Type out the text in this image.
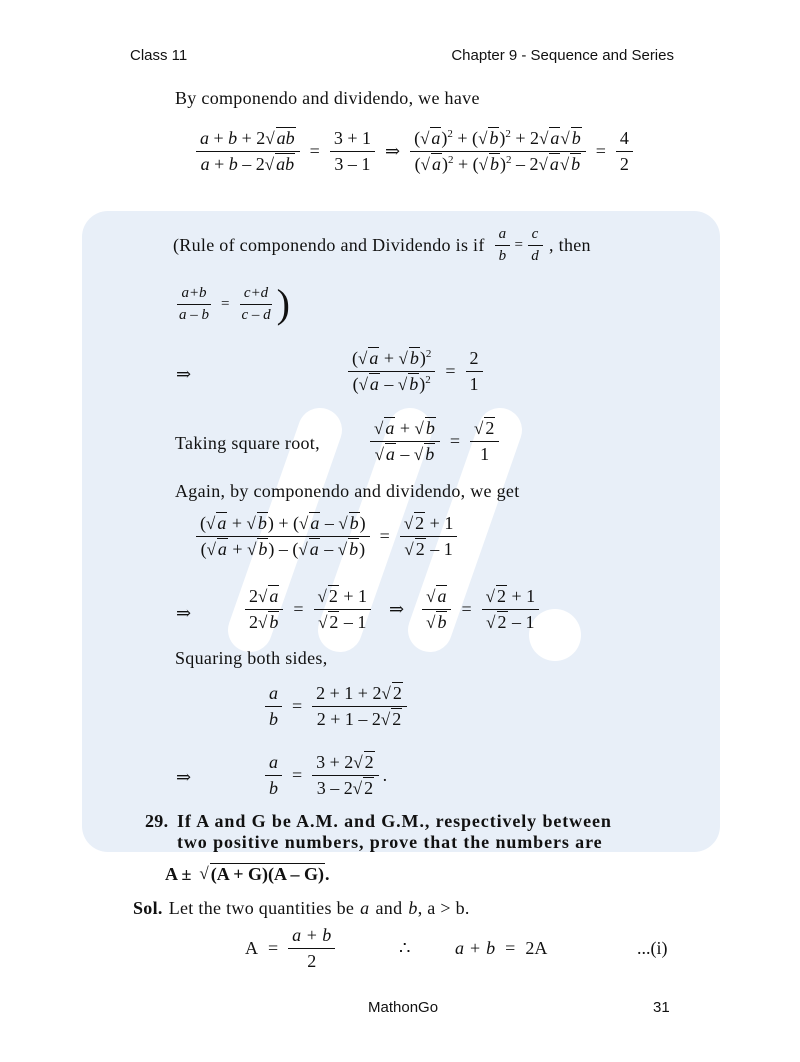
Class 11	Chapter 9 - Sequence and Series
By componendo and dividendo, we have
$\frac{a + b + 2√ ab}{a + b - 2√ ab} = \frac{3 + 1}{3 - 1}$ ⇒ $\frac{(√ a)^2 + (√ b)^2 + 2√ a√ b}{(√ a)^2 + (√ b)^2 - 2√ a√ b} = \frac{4}{2}$
(Rule of componendo and Dividendo is if $\frac{a}{b} = \frac{c}{d}$ , then
$\frac{a+b}{a - b} = \frac{c+d}{c - d}$ )
⇒	$\frac{(√ a + √ b)^2}{(√ a - √ b)^2} = \frac{2}{1}$
Taking square root,	$\frac{√ a + √ b}{√ a - √ b} = \frac{√ 2}{1}$
Again, by componendo and dividendo, we get
$\frac{(√ a + √ b) + (√ a - √ b)}{(√ a + √ b) - (√ a - √ b)} = \frac{√ 2 + 1}{√ 2 - 1}$
⇒	$\frac{2√ a}{2√ b} = \frac{√ 2 + 1}{√ 2 - 1}$ ⇒ $\frac{√ a}{√ b} = \frac{√ 2 + 1}{√ 2 - 1}$
Squaring both sides,
$\frac{a}{b} = \frac{2 + 1 + 2√ 2}{2 + 1 - 2√ 2}$
⇒	$\frac{a}{b} = \frac{3 + 2√ 2}{3 - 2√ 2}$ .
29. If A and G be A.M. and G.M., respectively between
two positive numbers, prove that the numbers are
A ± √ (A + G)(A – G) .
Sol. Let the two quantities be a and b , a > b.
$A = \frac{a + b}{2}$	∴ a + b = 2A	...(i)
MathonGo	31
